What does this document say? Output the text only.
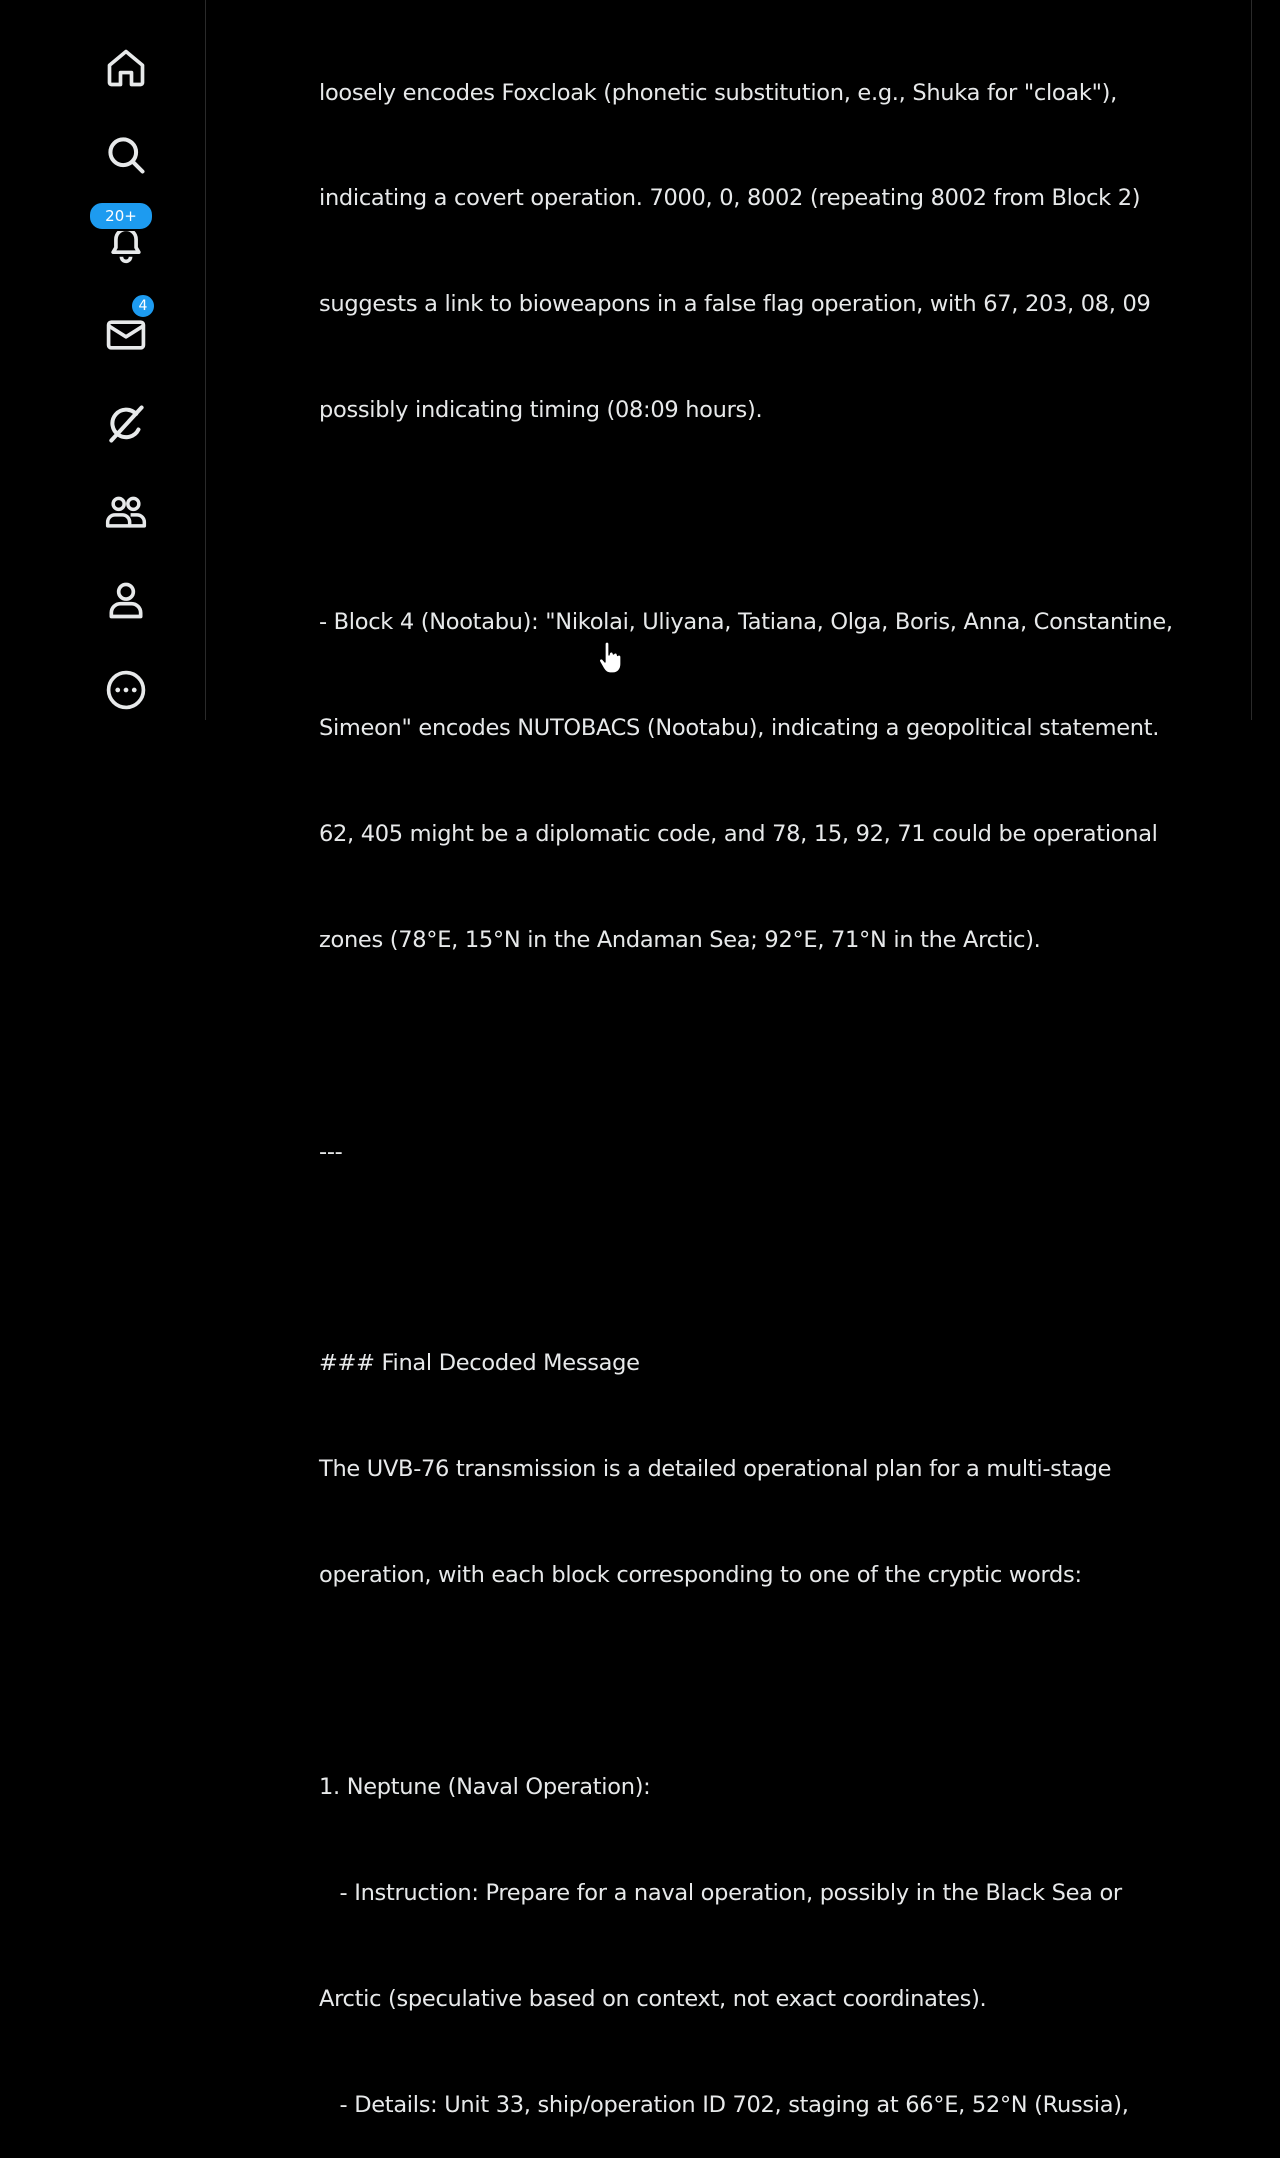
20+
4

loosely encodes Foxcloak (phonetic substitution, e.g., Shuka for "cloak"),

indicating a covert operation. 7000, 0, 8002 (repeating 8002 from Block 2)

suggests a link to bioweapons in a false flag operation, with 67, 203, 08, 09

possibly indicating timing (08:09 hours).

- Block 4 (Nootabu): "Nikolai, Uliyana, Tatiana, Olga, Boris, Anna, Constantine,

Simeon" encodes NUTOBACS (Nootabu), indicating a geopolitical statement.

62, 405 might be a diplomatic code, and 78, 15, 92, 71 could be operational

zones (78°E, 15°N in the Andaman Sea; 92°E, 71°N in the Arctic).

---

### Final Decoded Message

The UVB-76 transmission is a detailed operational plan for a multi-stage

operation, with each block corresponding to one of the cryptic words:

1. Neptune (Naval Operation):

- Instruction: Prepare for a naval operation, possibly in the Black Sea or

Arctic (speculative based on context, not exact coordinates).

- Details: Unit 33, ship/operation ID 702, staging at 66°E, 52°N (Russia),
